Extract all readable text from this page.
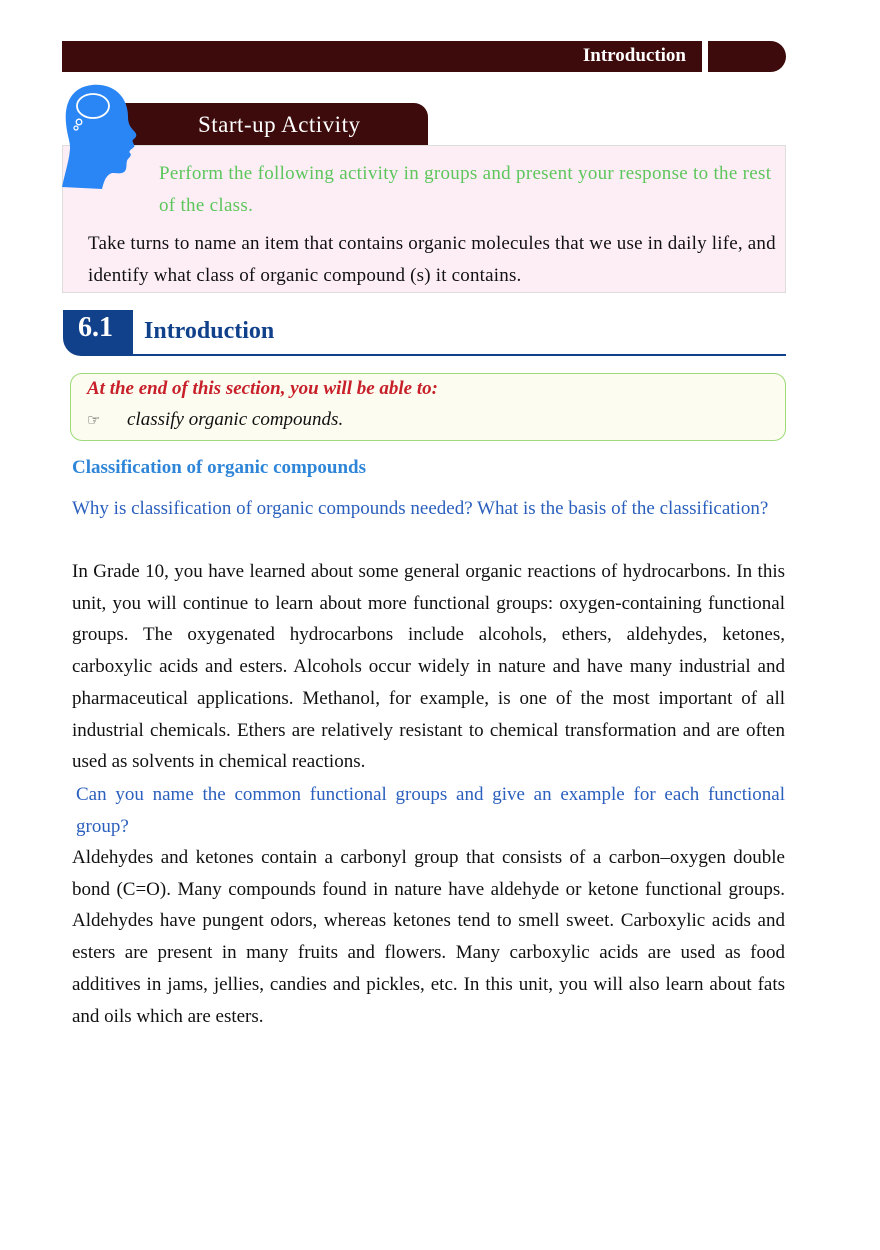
Introduction
Start-up Activity

Perform the following activity in groups and present your response to the rest of the class.

Take turns to name an item that contains organic molecules that we use in daily life, and identify what class of organic compound (s) it contains.

6.1 Introduction
At the end of this section, you will be able to:
☞ classify organic compounds.
Classification of organic compounds

Why is classification of organic compounds needed? What is the basis of the classification?

In Grade 10, you have learned about some general organic reactions of hydrocarbons. In this unit, you will continue to learn about more functional groups: oxygen-containing functional groups. The oxygenated hydrocarbons include alcohols, ethers, aldehydes, ketones, carboxylic acids and esters. Alcohols occur widely in nature and have many industrial and pharmaceutical applications. Methanol, for example, is one of the most important of all industrial chemicals. Ethers are relatively resistant to chemical transformation and are often used as solvents in chemical reactions.

Can you name the common functional groups and give an example for each functional group?

Aldehydes and ketones contain a carbonyl group that consists of a carbon–oxygen double bond (C=O). Many compounds found in nature have aldehyde or ketone functional groups. Aldehydes have pungent odors, whereas ketones tend to smell sweet. Carboxylic acids and esters are present in many fruits and flowers. Many carboxylic acids are used as food additives in jams, jellies, candies and pickles, etc. In this unit, you will also learn about fats and oils which are esters.
